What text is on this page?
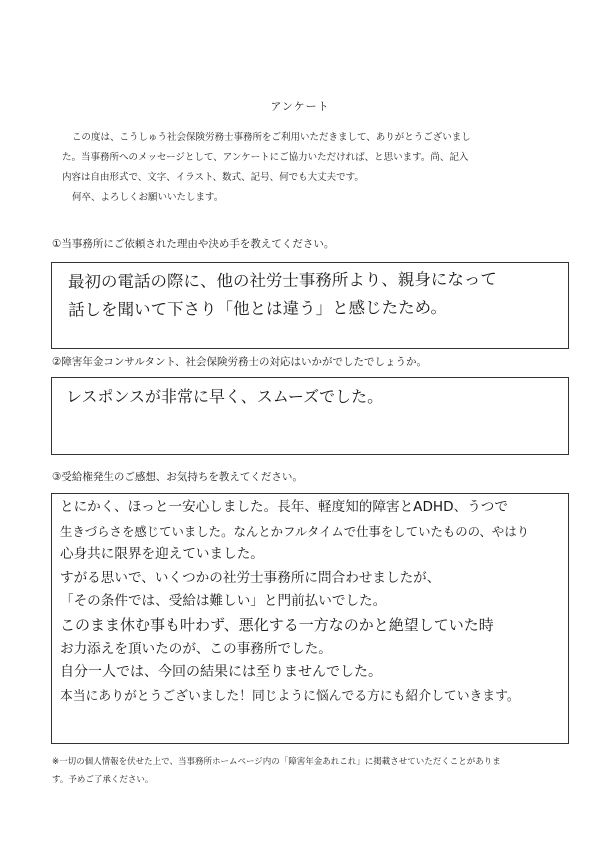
アンケート

この度は、こうしゅう社会保険労務士事務所をご利用いただきまして、ありがとうございまし

た。当事務所へのメッセージとして、アンケートにご協力いただければ、と思います。尚、記入

内容は自由形式で、文字、イラスト、数式、記号、何でも大丈夫です。

何卒、よろしくお願いいたします。

①当事務所にご依頼された理由や決め手を教えてください。
最初の電話の際に、他の社労士事務所より、親身になって
話しを聞いて下さり「他とは違う」と感じたため。
②障害年金コンサルタント、社会保険労務士の対応はいかがでしたでしょうか。
レスポンスが非常に早く、スムーズでした。
③受給権発生のご感想、お気持ちを教えてください。
とにかく、ほっと一安心しました。長年、軽度知的障害とADHD、うつで
生きづらさを感じていました。なんとかフルタイムで仕事をしていたものの、やはり
心身共に限界を迎えていました。
すがる思いで、いくつかの社労士事務所に問合わせましたが、
「その条件では、受給は難しい」と門前払いでした。
このまま休む事も叶わず、悪化する一方なのかと絶望していた時
お力添えを頂いたのが、この事務所でした。
自分一人では、今回の結果には至りませんでした。
本当にありがとうございました！同じように悩んでる方にも紹介していきます。

※一切の個人情報を伏せた上で、当事務所ホームページ内の「障害年金あれこれ」に掲載させていただくことがありま

す。予めご了承ください。
